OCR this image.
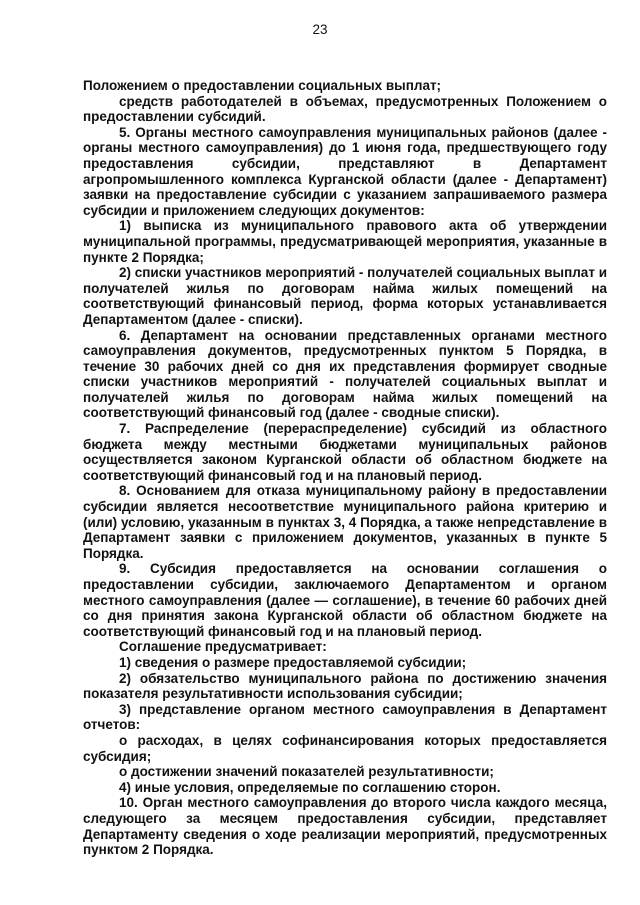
23

Положением о предоставлении социальных выплат;

средств работодателей в объемах, предусмотренных Положением о предоставлении субсидий.

5. Органы местного самоуправления муниципальных районов (далее - органы местного самоуправления) до 1 июня года, предшествующего году предоставления субсидии, представляют в Департамент агропромышленного комплекса Курганской области (далее - Департамент) заявки на предоставление субсидии с указанием запрашиваемого размера субсидии и приложением следующих документов:

1) выписка из муниципального правового акта об утверждении муниципальной программы, предусматривающей мероприятия, указанные в пункте 2 Порядка;

2) списки участников мероприятий - получателей социальных выплат и получателей жилья по договорам найма жилых помещений на соответствующий финансовый период, форма которых устанавливается Департаментом (далее - списки).

6. Департамент на основании представленных органами местного самоуправления документов, предусмотренных пунктом 5 Порядка, в течение 30 рабочих дней со дня их представления формирует сводные списки участников мероприятий - получателей социальных выплат и получателей жилья по договорам найма жилых помещений на соответствующий финансовый год (далее - сводные списки).

7. Распределение (перераспределение) субсидий из областного бюджета между местными бюджетами муниципальных районов осуществляется законом Курганской области об областном бюджете на соответствующий финансовый год и на плановый период.

8. Основанием для отказа муниципальному району в предоставлении субсидии является несоответствие муниципального района критерию и (или) условию, указанным в пунктах 3, 4 Порядка, а также непредставление в Департамент заявки с приложением документов, указанных в пункте 5 Порядка.

9. Субсидия предоставляется на основании соглашения о предоставлении субсидии, заключаемого Департаментом и органом местного самоуправления (далее — соглашение), в течение 60 рабочих дней со дня принятия закона Курганской области об областном бюджете на соответствующий финансовый год и на плановый период.

Соглашение предусматривает:

1) сведения о размере предоставляемой субсидии;

2) обязательство муниципального района по достижению значения показателя результативности использования субсидии;

3) представление органом местного самоуправления в Департамент отчетов:

о расходах, в целях софинансирования которых предоставляется субсидия;

о достижении значений показателей результативности;

4) иные условия, определяемые по соглашению сторон.

10. Орган местного самоуправления до второго числа каждого месяца, следующего за месяцем предоставления субсидии, представляет Департаменту сведения о ходе реализации мероприятий, предусмотренных пунктом 2 Порядка.
